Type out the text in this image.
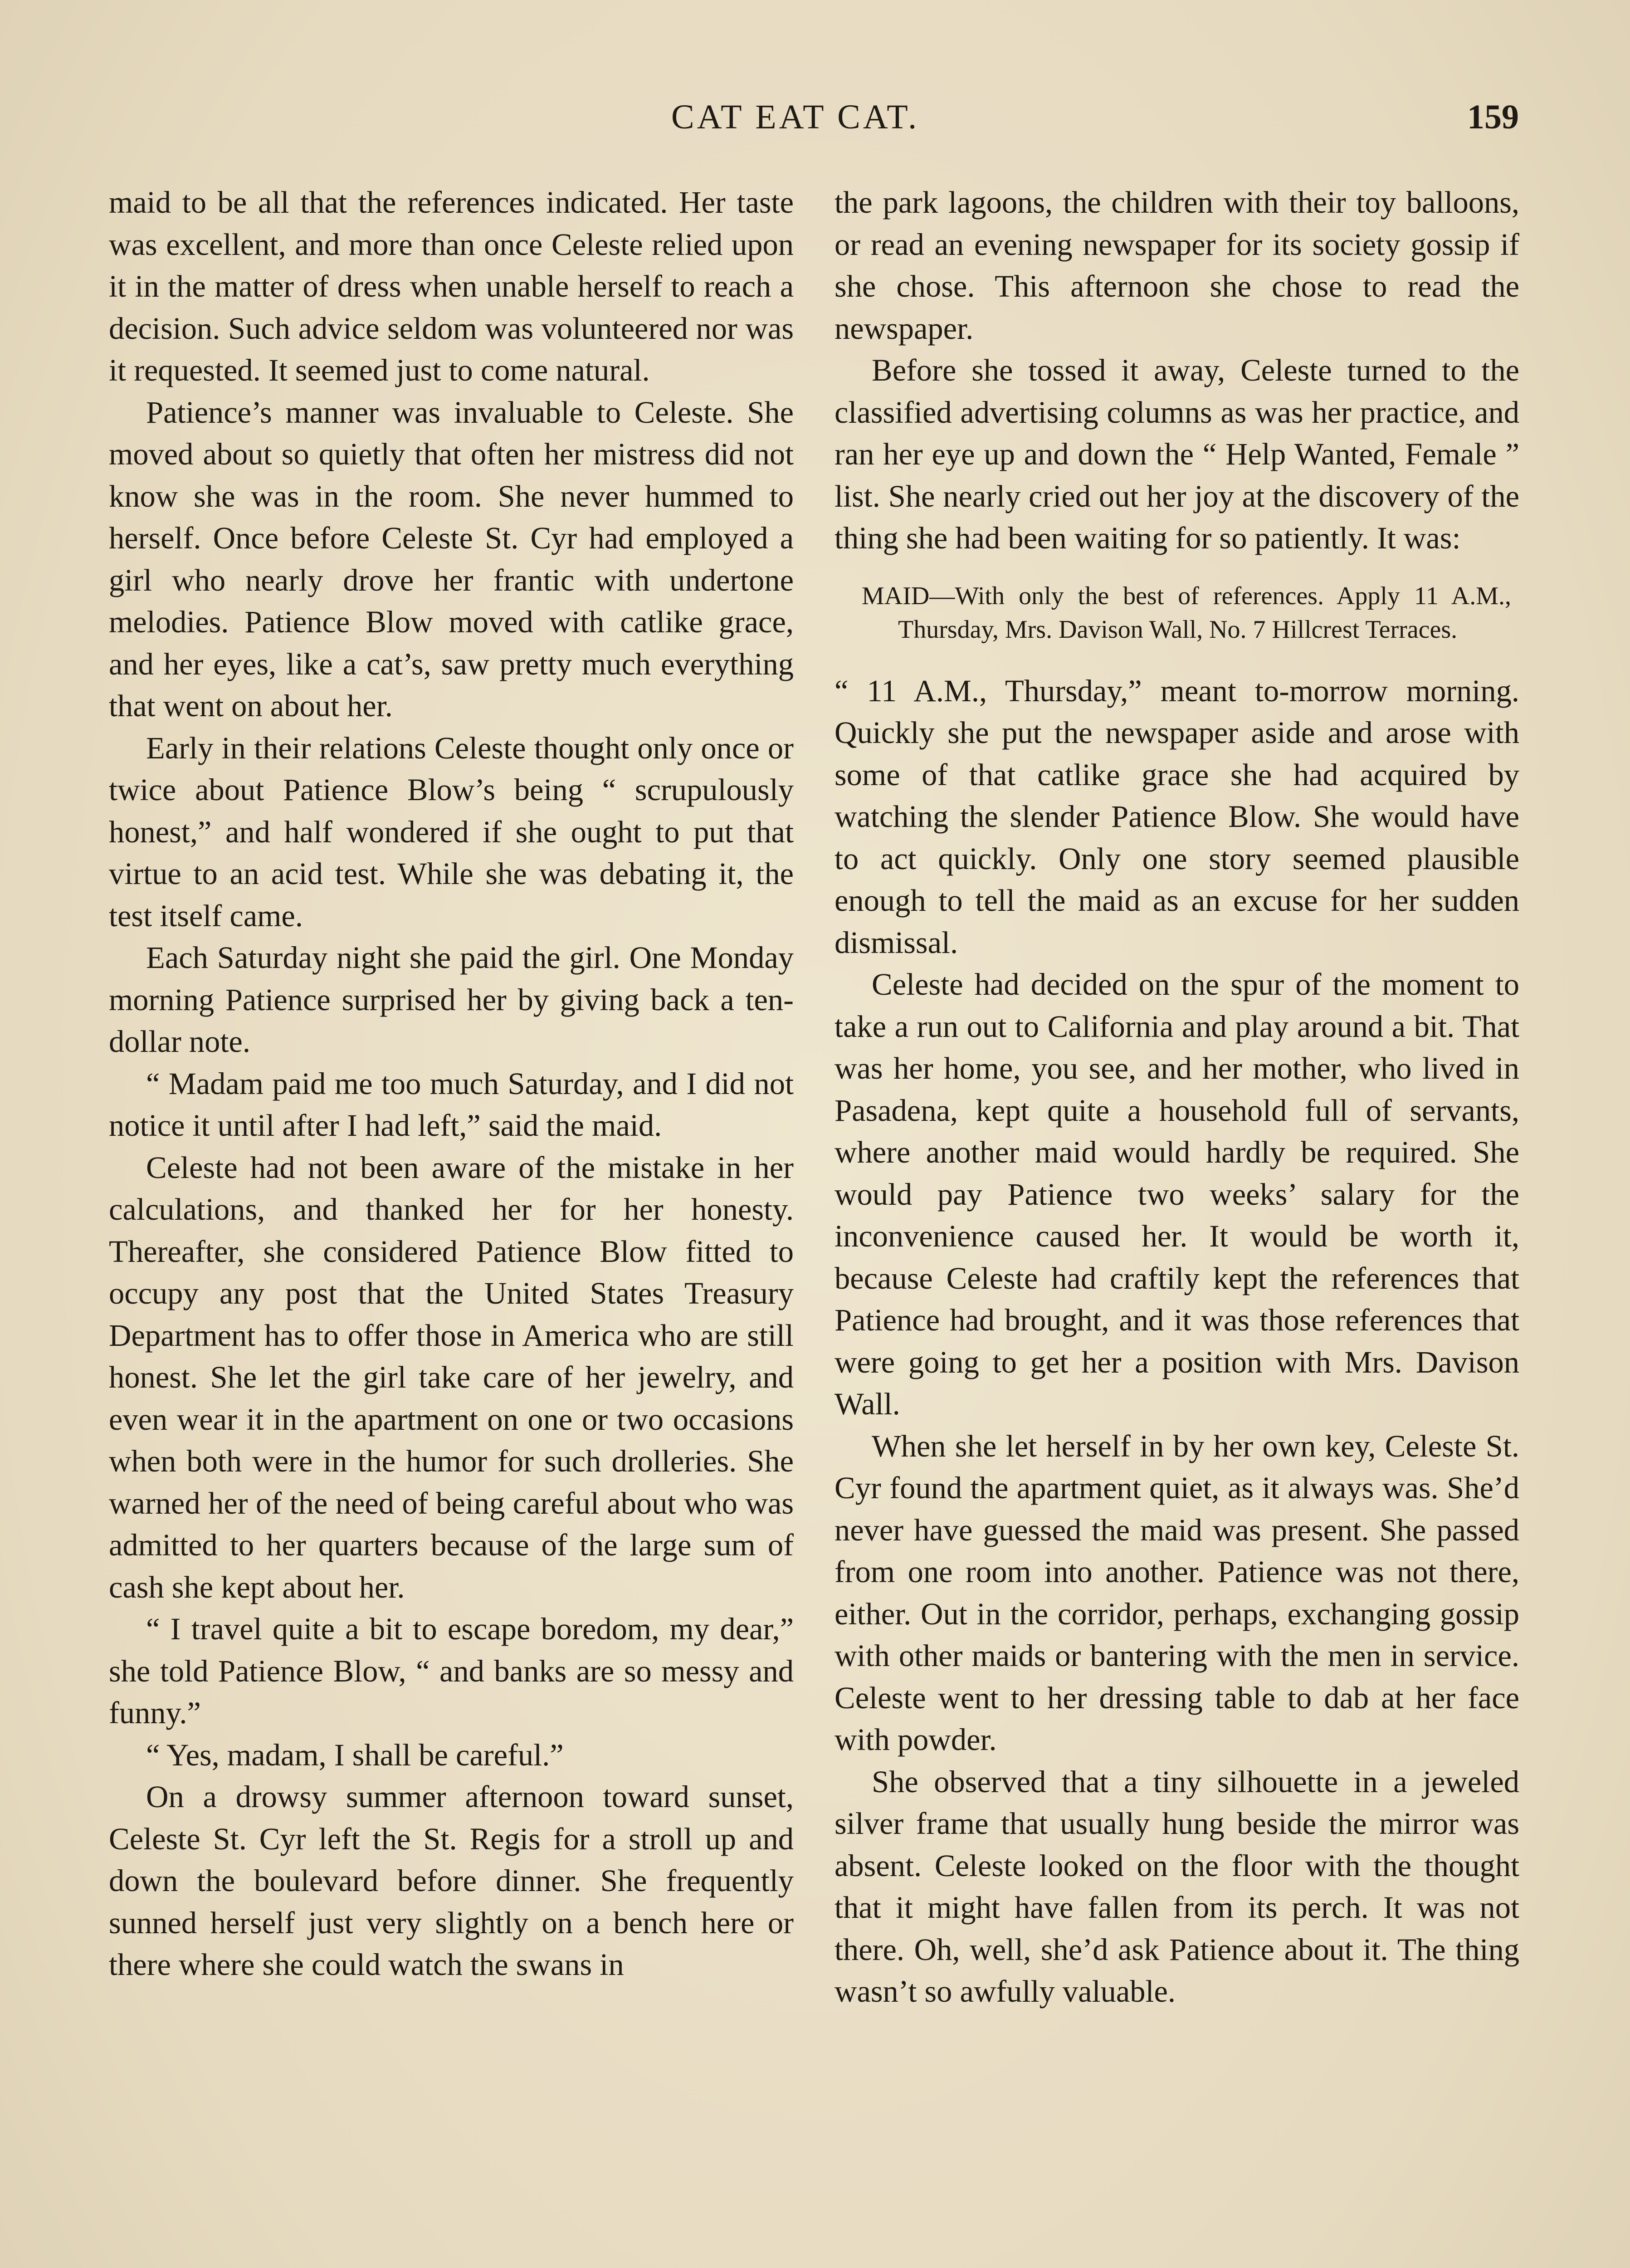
CAT EAT CAT.	159

maid to be all that the references indicated. Her taste was excellent, and more than once Celeste relied upon it in the matter of dress when unable herself to reach a decision. Such advice seldom was volunteered nor was it requested. It seemed just to come natural.

Patience’s manner was invaluable to Celeste. She moved about so quietly that often her mistress did not know she was in the room. She never hummed to herself. Once before Celeste St. Cyr had employed a girl who nearly drove her frantic with undertone melodies. Patience Blow moved with catlike grace, and her eyes, like a cat’s, saw pretty much everything that went on about her.

Early in their relations Celeste thought only once or twice about Patience Blow’s being “ scrupulously honest,” and half wondered if she ought to put that virtue to an acid test. While she was debating it, the test itself came.

Each Saturday night she paid the girl. One Monday morning Patience surprised her by giving back a ten-dollar note.

“ Madam paid me too much Saturday, and I did not notice it until after I had left,” said the maid.

Celeste had not been aware of the mistake in her calculations, and thanked her for her honesty. Thereafter, she considered Patience Blow fitted to occupy any post that the United States Treasury Department has to offer those in America who are still honest. She let the girl take care of her jewelry, and even wear it in the apartment on one or two occasions when both were in the humor for such drolleries. She warned her of the need of being careful about who was admitted to her quarters because of the large sum of cash she kept about her.

“ I travel quite a bit to escape boredom, my dear,” she told Patience Blow, “ and banks are so messy and funny.”

“ Yes, madam, I shall be careful.”

On a drowsy summer afternoon toward sunset, Celeste St. Cyr left the St. Regis for a stroll up and down the boulevard before dinner. She frequently sunned herself just very slightly on a bench here or there where she could watch the swans in

the park lagoons, the children with their toy balloons, or read an evening newspaper for its society gossip if she chose. This afternoon she chose to read the newspaper.

Before she tossed it away, Celeste turned to the classified advertising columns as was her practice, and ran her eye up and down the “ Help Wanted, Female ” list. She nearly cried out her joy at the discovery of the thing she had been waiting for so patiently. It was:

MAID—With only the best of references. Apply 11 A.M., Thursday, Mrs. Davison Wall, No. 7 Hillcrest Terraces.

“ 11 A.M., Thursday,” meant to-morrow morning. Quickly she put the newspaper aside and arose with some of that catlike grace she had acquired by watching the slender Patience Blow. She would have to act quickly. Only one story seemed plausible enough to tell the maid as an excuse for her sudden dismissal.

Celeste had decided on the spur of the moment to take a run out to California and play around a bit. That was her home, you see, and her mother, who lived in Pasadena, kept quite a household full of servants, where another maid would hardly be required. She would pay Patience two weeks’ salary for the inconvenience caused her. It would be worth it, because Celeste had craftily kept the references that Patience had brought, and it was those references that were going to get her a position with Mrs. Davison Wall.

When she let herself in by her own key, Celeste St. Cyr found the apartment quiet, as it always was. She’d never have guessed the maid was present. She passed from one room into another. Patience was not there, either. Out in the corridor, perhaps, exchanging gossip with other maids or bantering with the men in service. Celeste went to her dressing table to dab at her face with powder.

She observed that a tiny silhouette in a jeweled silver frame that usually hung beside the mirror was absent. Celeste looked on the floor with the thought that it might have fallen from its perch. It was not there. Oh, well, she’d ask Patience about it. The thing wasn’t so awfully valuable.
